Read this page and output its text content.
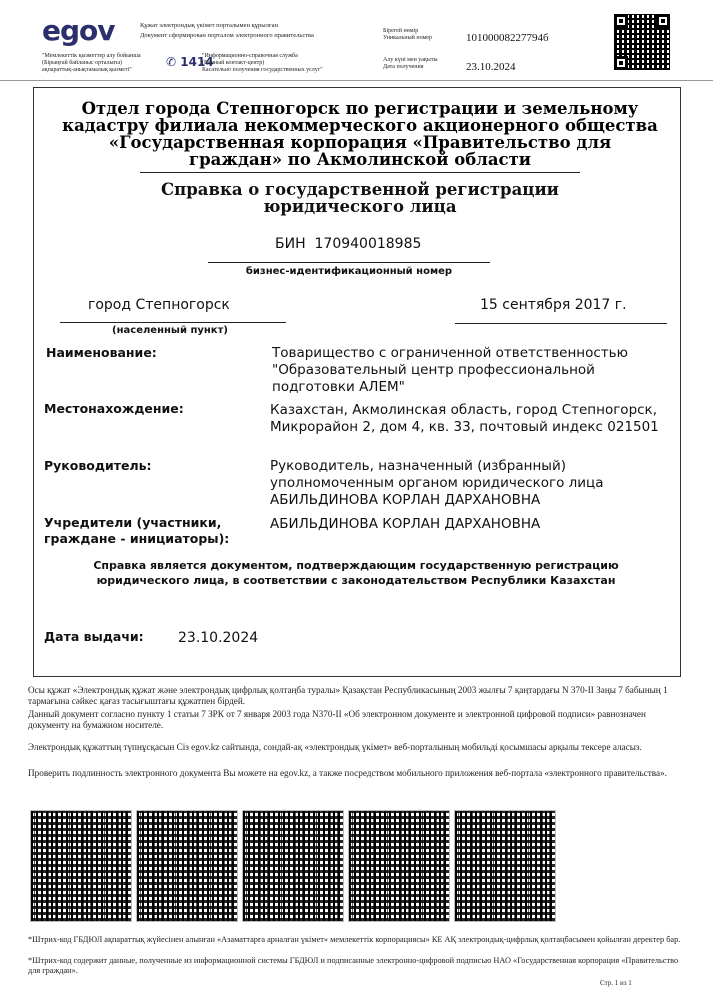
egov	Құжат электрондық үкімет порталымен құрылған
Документ сформирован порталом электронного правительства
"Мемлекеттік қызметтер алу бойынша
(Бірыңғай байланыс орталығы)
ақпараттық-анықтамалық қызметі"
✆ 1414
"Информационно-справочная служба
(Единый контакт-центр)
Касательно получения государственных услуг"
Бірегей нөмір
Уникальный номер	10100008227794б
Алу күні мен уақыты
Дата получения	23.10.2024
Отдел города Степногорск по регистрации и земельному кадастру филиала некоммерческого акционерного общества «Государственная корпорация «Правительство для граждан» по Акмолинской области
Справка о государственной регистрации
юридического лица
БИН 170940018985
бизнес-идентификационный номер
город Степногорск
(населенный пункт)
15 сентября 2017 г.
Наименование:	Товарищество с ограниченной ответственностью "Образовательный центр профессиональной подготовки АЛЕМ"
Местонахождение:	Казахстан, Акмолинская область, город Степногорск, Микрорайон 2, дом 4, кв. 33, почтовый индекс 021501
Руководитель:	Руководитель, назначенный (избранный) уполномоченным органом юридического лица АБИЛЬДИНОВА КОРЛАН ДАРХАНОВНА
Учредители (участники, граждане - инициаторы):
АБИЛЬДИНОВА КОРЛАН ДАРХАНОВНА
Справка является документом, подтверждающим государственную регистрацию юридического лица, в соответствии с законодательством Республики Казахстан
Дата выдачи: 23.10.2024
Осы құжат «Электрондық құжат және электрондық цифрлық қолтаңба туралы» Қазақстан Республикасының 2003 жылғы 7 қаңтардағы N 370-II Заңы 7 бабының 1 тармағына сәйкес қағаз тасығыштағы құжатпен бірдей.
Данный документ согласно пункту 1 статьи 7 ЗРК от 7 января 2003 года N370-II «Об электронном документе и электронной цифровой подписи» равнозначен документу на бумажном носителе.
Электрондық құжаттың түпнұсқасын Сіз egov.kz сайтында, сондай-ақ «электрондық үкімет» веб-порталының мобильді қосымшасы арқылы тексере аласыз.
Проверить подлинность электронного документа Вы можете на egov.kz, а также посредством мобильного приложения веб-портала «электронного правительства».
*Штрих-код ГБДЮЛ ақпараттық жүйесінен алынған «Азаматтарға арналған үкімет» мемлекеттік корпорациясы» КЕ АҚ электрондық-цифрлық қолтаңбасымен қойылған деректер бар.
*Штрих-код содержит данные, полученные из информационной системы ГБДЮЛ и подписанные электронно-цифровой подписью НАО «Государственная корпорация «Правительство для граждан».
Стр. 1 из 1
